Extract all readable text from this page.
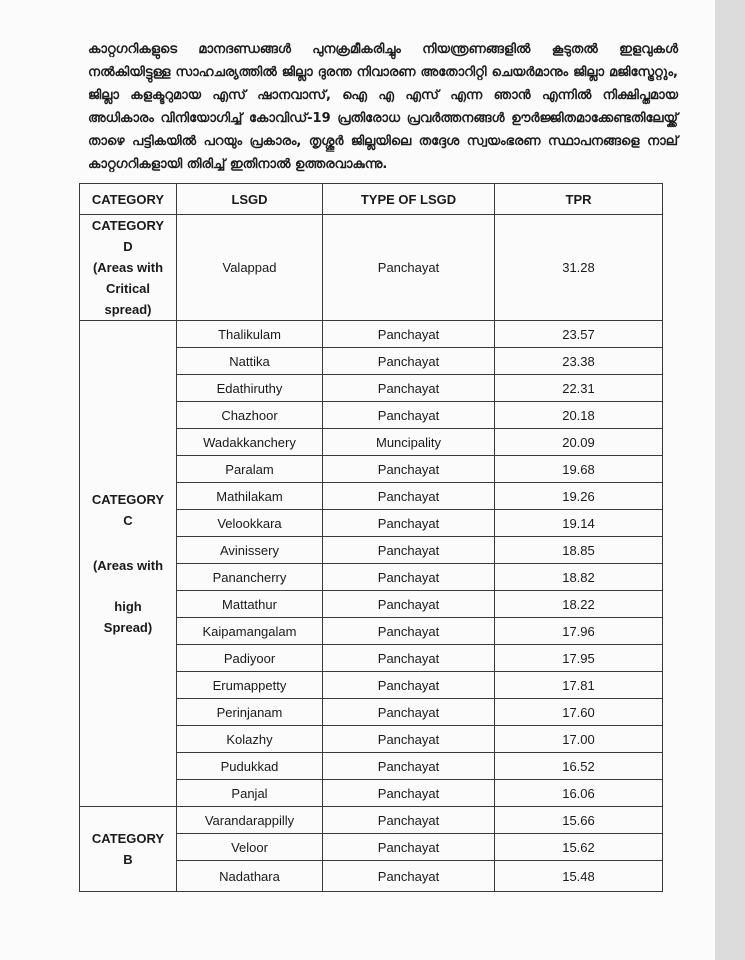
കാറ്റഗറികളുടെ മാനദണ്ഡങ്ങൾ പുനക്രമീകരിച്ചും നിയന്ത്രണങ്ങളിൽ കൂടുതൽ ഇളവുകൾ നൽകിയിട്ടുള്ള സാഹചര്യത്തിൽ ജില്ലാ ദുരന്ത നിവാരണ അതോറിറ്റി ചെയർമാനും ജില്ലാ മജിസ്ട്രേറ്റും, ജില്ലാ കളക്ടറുമായ എസ് ഷാനവാസ്, ഐ എ എസ് എന്ന ഞാൻ എന്നിൽ നിക്ഷിപ്തമായ അധികാരം വിനിയോഗിച്ച് കോവിഡ്-19 പ്രതിരോധ പ്രവർത്തനങ്ങൾ ഊർജ്ജിതമാക്കേണ്ടതിലേയ്ക്ക് താഴെ പട്ടികയിൽ പറയും പ്രകാരം, തൃശ്ശൂർ ജില്ലയിലെ തദ്ദേശ സ്വയംഭരണ സ്ഥാപനങ്ങളെ നാല് കാറ്റഗറികളായി തിരിച്ച് ഇതിനാൽ ഉത്തരവാകുന്നു.
CATEGORY	LSGD	TYPE OF LSGD	TPR

CATEGORY
D
(Areas with
Critical
spread)	Valappad	Panchayat	31.28

CATEGORY
C
(Areas with
high
Spread)	Thalikulam	Panchayat	23.57
	Nattika	Panchayat	23.38
	Edathiruthy	Panchayat	22.31
	Chazhoor	Panchayat	20.18
	Wadakkanchery	Muncipality	20.09
	Paralam	Panchayat	19.68
	Mathilakam	Panchayat	19.26
	Velookkara	Panchayat	19.14
	Avinissery	Panchayat	18.85
	Panancherry	Panchayat	18.82
	Mattathur	Panchayat	18.22
	Kaipamangalam	Panchayat	17.96
	Padiyoor	Panchayat	17.95
	Erumappetty	Panchayat	17.81
	Perinjanam	Panchayat	17.60
	Kolazhy	Panchayat	17.00
	Pudukkad	Panchayat	16.52
	Panjal	Panchayat	16.06

CATEGORY
B	Varandarappilly	Panchayat	15.66
	Veloor	Panchayat	15.62
	Nadathara	Panchayat	15.48
